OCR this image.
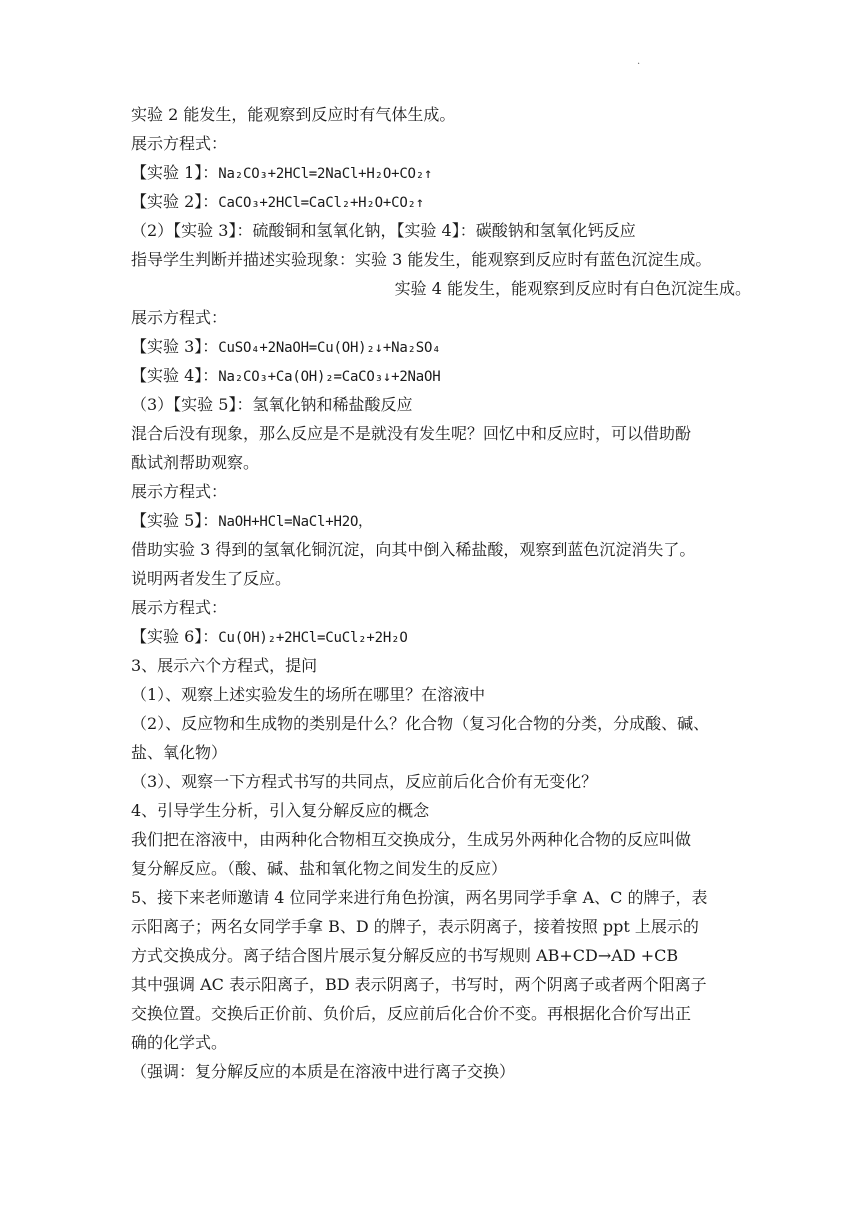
.
实验 2 能发生，能观察到反应时有气体生成。
展示方程式：
【实验 1】：Na₂CO₃+2HCl=2NaCl+H₂O+CO₂↑
【实验 2】：CaCO₃+2HCl=CaCl₂+H₂O+CO₂↑
（2）【实验 3】：硫酸铜和氢氧化钠，【实验 4】：碳酸钠和氢氧化钙反应
指导学生判断并描述实验现象：实验 3 能发生，能观察到反应时有蓝色沉淀生成。
实验 4 能发生，能观察到反应时有白色沉淀生成。
展示方程式：
【实验 3】：CuSO₄+2NaOH=Cu(OH)₂↓+Na₂SO₄
【实验 4】：Na₂CO₃+Ca(OH)₂=CaCO₃↓+2NaOH
（3）【实验 5】：氢氧化钠和稀盐酸反应
混合后没有现象，那么反应是不是就没有发生呢？回忆中和反应时，可以借助酚
酞试剂帮助观察。
展示方程式：
【实验 5】：NaOH+HCl=NaCl+H2O，
借助实验 3 得到的氢氧化铜沉淀，向其中倒入稀盐酸，观察到蓝色沉淀消失了。
说明两者发生了反应。
展示方程式：
【实验 6】：Cu(OH)₂+2HCl=CuCl₂+2H₂O
3、展示六个方程式，提问
（1）、观察上述实验发生的场所在哪里？在溶液中
（2）、反应物和生成物的类别是什么？化合物（复习化合物的分类，分成酸、碱、
盐、氧化物）
（3）、观察一下方程式书写的共同点，反应前后化合价有无变化？
4、引导学生分析，引入复分解反应的概念
我们把在溶液中，由两种化合物相互交换成分，生成另外两种化合物的反应叫做
复分解反应。（酸、碱、盐和氧化物之间发生的反应）
5、接下来老师邀请 4 位同学来进行角色扮演，两名男同学手拿 A、C 的牌子，表
示阳离子；两名女同学手拿 B、D 的牌子，表示阴离子，接着按照 ppt 上展示的
方式交换成分。离子结合图片展示复分解反应的书写规则 AB+CD→AD +CB
其中强调 AC 表示阳离子，BD 表示阴离子，书写时，两个阴离子或者两个阳离子
交换位置。交换后正价前、负价后，反应前后化合价不变。再根据化合价写出正
确的化学式。
（强调：复分解反应的本质是在溶液中进行离子交换）
